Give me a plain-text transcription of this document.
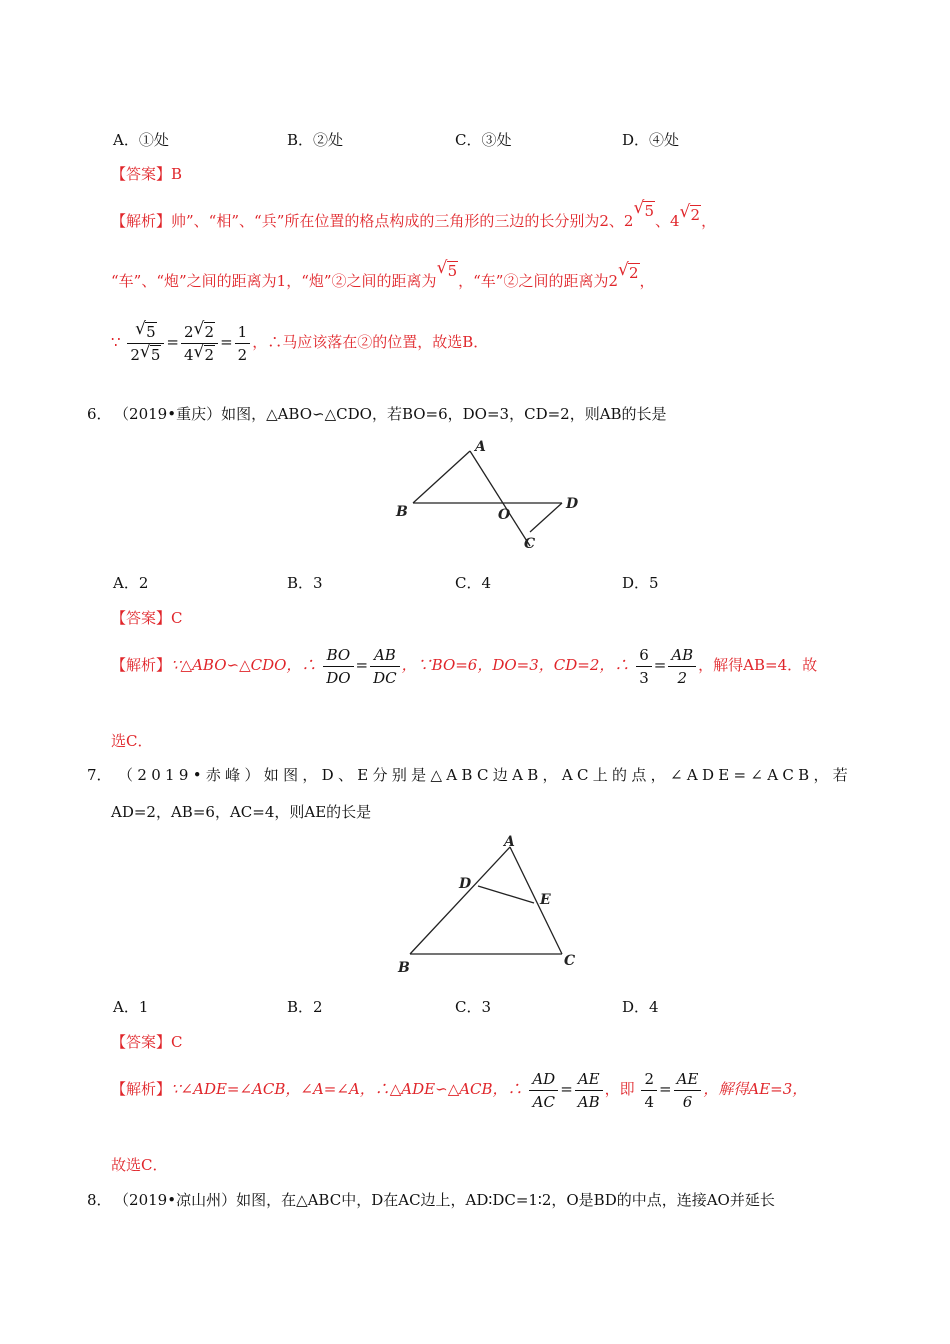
A．①处	B．②处	C．③处	D．④处
【答案】B
【解析】帅”、“相”、“兵”所在位置的格点构成的三角形的三边的长分别为2、2√ 5、4 √ 2，
“车”、“炮”之间的距离为1，“炮”②之间的距离为√ 5，“车”②之间的距离为2 √ 2，
∵ √ $\frac{5}{2 √ 5} = \frac{2 √ 2}{4 √ 2} = \frac{1}{2}$ ，∴马应该落在②的位置，故选B．
6． （2019•重庆）如图，△ABO∽△CDO，若BO=6，DO=3，CD=2，则AB的长是
A
B	O
C
D
A．2	B．3	C．4	D．5
【答案】C
【解析】∵△ABO∽△CDO，∴ $\frac{BO}{DO} = \frac{AB}{DC}$ ，∵BO=6，DO=3，CD=2，∴ $\frac{6}{3} = \frac{AB}{2}$ ，解得AB=4．故
选C．
7． （2019•赤峰）如图，D、E分别是△ABC边AB，AC上的点，∠ADE=∠ACB，若
AD=2，AB=6，AC=4，则AE的长是
A
D
E
B	C
A．1	B．2	C．3	D．4
【答案】C
【解析】∵∠ADE=∠ACB，∠A=∠A，∴△ADE∽△ACB，∴ $\frac{AD}{AC} = \frac{AE}{AB}$ ，即 $\frac{2}{4} = \frac{AE}{6}$ ，解得AE=3，
故选C．
8． （2019•凉山州）如图，在△ABC中，D在AC边上，AD∶DC=1∶2，O是BD的中点，连接AO并延长
